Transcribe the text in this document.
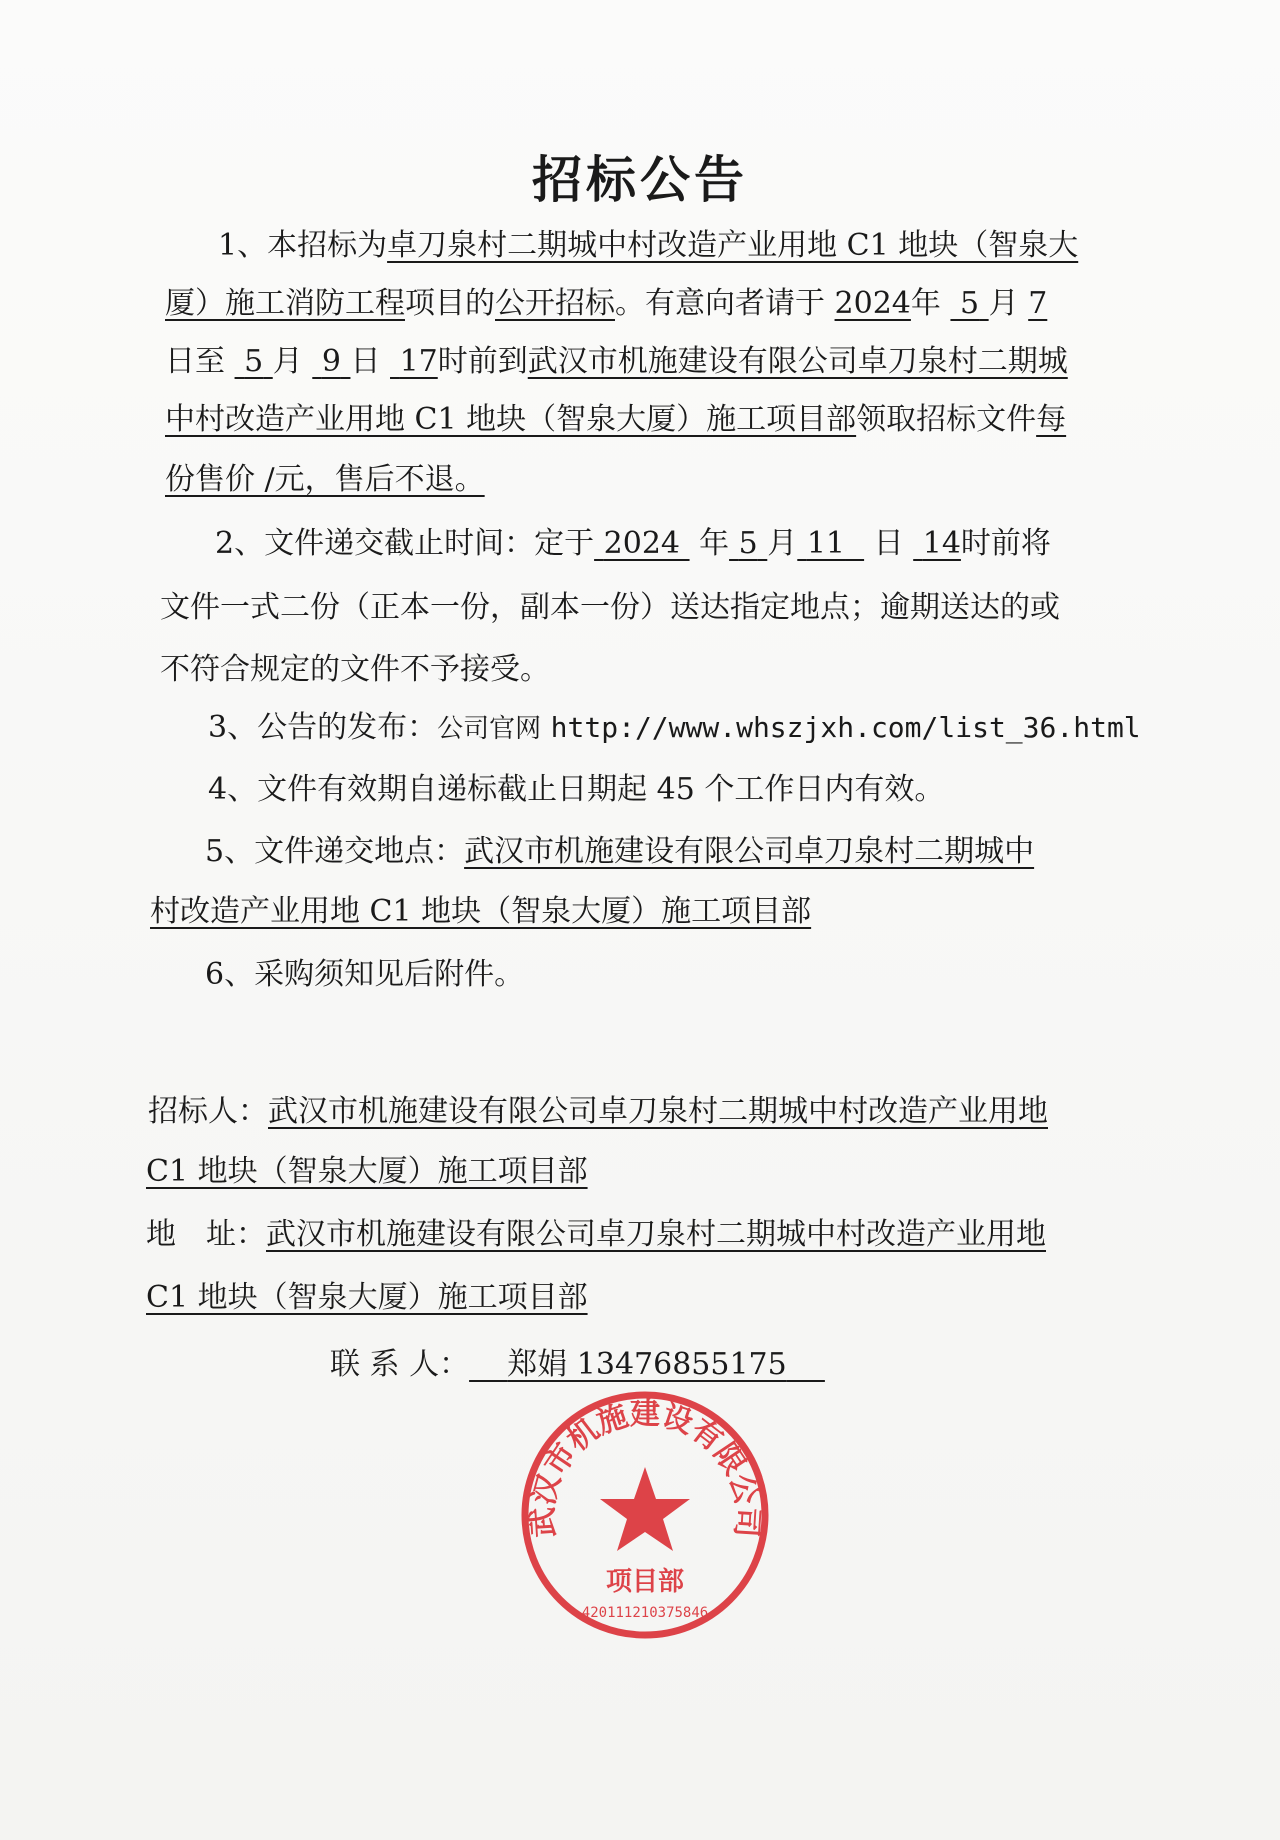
招标公告
1、本招标为卓刀泉村二期城中村改造产业用地 C1 地块（智泉大
厦）施工消防工程项目的公开招标。有意向者请于 2024年 5 月 7
日至 5 月 9 日 17时前到武汉市机施建设有限公司卓刀泉村二期城
中村改造产业用地 C1 地块（智泉大厦）施工项目部领取招标文件每
份售价 /元，售后不退。
2、文件递交截止时间：定于 2024 年 5 月 11 日 14时前将
文件一式二份（正本一份，副本一份）送达指定地点；逾期送达的或
不符合规定的文件不予接受。
3、公告的发布：公司官网 http://www.whszjxh.com/list_36.html
4、文件有效期自递标截止日期起 45 个工作日内有效。
5、文件递交地点：武汉市机施建设有限公司卓刀泉村二期城中
村改造产业用地 C1 地块（智泉大厦）施工项目部
6、采购须知见后附件。
招标人：武汉市机施建设有限公司卓刀泉村二期城中村改造产业用地
C1 地块（智泉大厦）施工项目部
地　址：武汉市机施建设有限公司卓刀泉村二期城中村改造产业用地
C1 地块（智泉大厦）施工项目部
联 系 人： 郑娟 13476855175
武汉市机施建设有限公司
项目部
420111210375846
